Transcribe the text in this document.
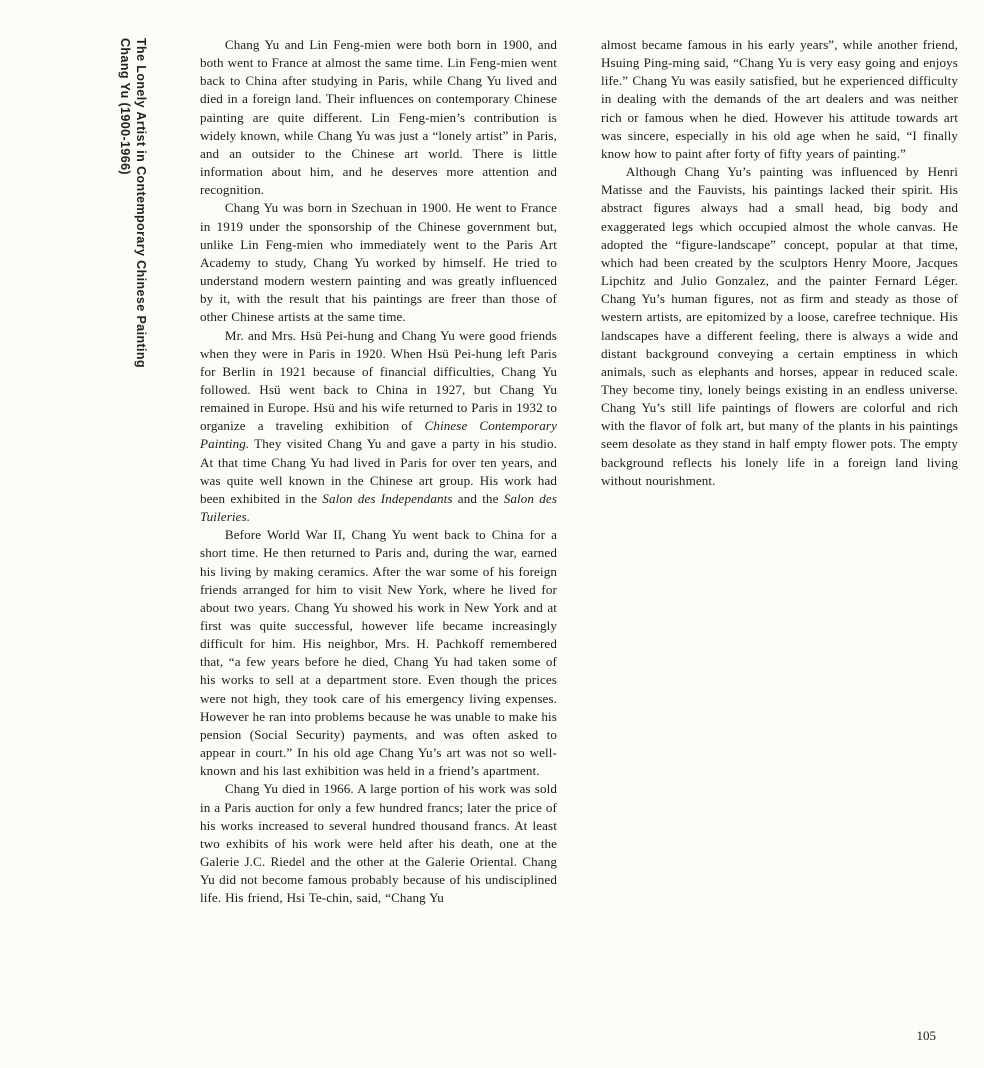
Chang Yu (1900-1966) The Lonely Artist in Contemporary Chinese Painting	Chang Yu and Lin Feng-mien were both born in 1900, and both went to France at almost the same time. Lin Feng-mien went back to China after studying in Paris, while Chang Yu lived and died in a foreign land. Their influences on contemporary Chinese painting are quite different. Lin Feng-mien’s contribution is widely known, while Chang Yu was just a “lonely artist” in Paris, and an outsider to the Chinese art world. There is little information about him, and he deserves more attention and recognition.

Chang Yu was born in Szechuan in 1900. He went to France in 1919 under the sponsorship of the Chinese government but, unlike Lin Feng-mien who immediately went to the Paris Art Academy to study, Chang Yu worked by himself. He tried to understand modern western painting and was greatly influenced by it, with the result that his paintings are freer than those of other Chinese artists at the same time.

Mr. and Mrs. Hsü Pei-hung and Chang Yu were good friends when they were in Paris in 1920. When Hsü Pei-hung left Paris for Berlin in 1921 because of financial difficulties, Chang Yu followed. Hsü went back to China in 1927, but Chang Yu remained in Europe. Hsü and his wife returned to Paris in 1932 to organize a traveling exhibition of Chinese Contemporary Painting. They visited Chang Yu and gave a party in his studio. At that time Chang Yu had lived in Paris for over ten years, and was quite well known in the Chinese art group. His work had been exhibited in the Salon des Independants and the Salon des Tuileries.

Before World War II, Chang Yu went back to China for a short time. He then returned to Paris and, during the war, earned his living by making ceramics. After the war some of his foreign friends arranged for him to visit New York, where he lived for about two years. Chang Yu showed his work in New York and at first was quite successful, however life became increasingly difficult for him. His neighbor, Mrs. H. Pachkoff remembered that, “a few years before he died, Chang Yu had taken some of his works to sell at a department store. Even though the prices were not high, they took care of his emergency living expenses. However he ran into problems because he was unable to make his pension (Social Security) payments, and was often asked to appear in court.” In his old age Chang Yu’s art was not so well-known and his last exhibition was held in a friend’s apartment.

Chang Yu died in 1966. A large portion of his work was sold in a Paris auction for only a few hundred francs; later the price of his works increased to several hundred thousand francs. At least two exhibits of his work were held after his death, one at the Galerie J.C. Riedel and the other at the Galerie Oriental. Chang Yu did not become famous probably because of his undisciplined life. His friend, Hsi Te-chin, said, “Chang Yu

almost became famous in his early years”, while another friend, Hsuing Ping-ming said, “Chang Yu is very easy going and enjoys life.” Chang Yu was easily satisfied, but he experienced difficulty in dealing with the demands of the art dealers and was neither rich or famous when he died. However his attitude towards art was sincere, especially in his old age when he said, “I finally know how to paint after forty of fifty years of painting.”

Although Chang Yu’s painting was influenced by Henri Matisse and the Fauvists, his paintings lacked their spirit. His abstract figures always had a small head, big body and exaggerated legs which occupied almost the whole canvas. He adopted the “figure-landscape” concept, popular at that time, which had been created by the sculptors Henry Moore, Jacques Lipchitz and Julio Gonzalez, and the painter Fernard Léger. Chang Yu’s human figures, not as firm and steady as those of western artists, are epitomized by a loose, carefree technique. His landscapes have a different feeling, there is always a wide and distant background conveying a certain emptiness in which animals, such as elephants and horses, appear in reduced scale. They become tiny, lonely beings existing in an endless universe. Chang Yu’s still life paintings of flowers are colorful and rich with the flavor of folk art, but many of the plants in his paintings seem desolate as they stand in half empty flower pots. The empty background reflects his lonely life in a foreign land living without nourishment.

105
